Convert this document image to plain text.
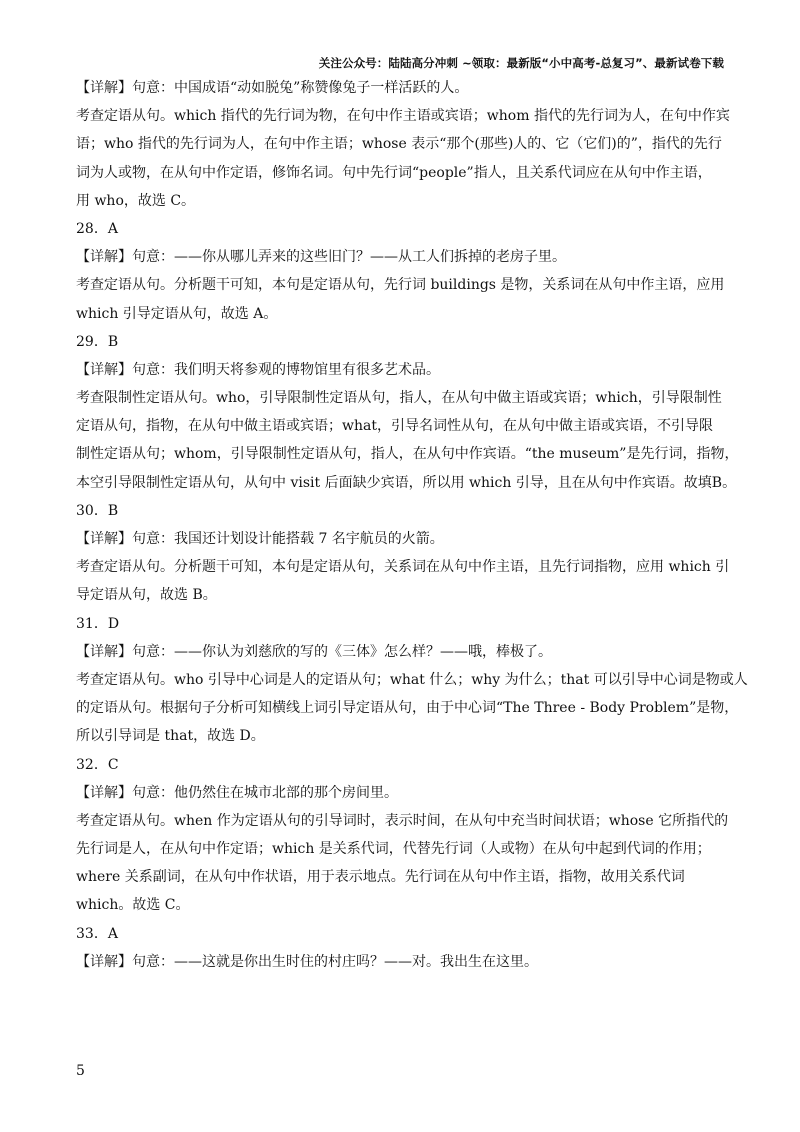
关注公众号：陆陆高分冲刺 ~领取：最新版“小中高考-总复习”、最新试卷下载
【详解】句意：中国成语“动如脱兔”称赞像兔子一样活跃的人。
考查定语从句。which 指代的先行词为物，在句中作主语或宾语；whom 指代的先行词为人，在句中作宾
语；who 指代的先行词为人，在句中作主语；whose 表示“那个(那些)人的、它（它们)的”，指代的先行
词为人或物，在从句中作定语，修饰名词。句中先行词“people”指人，且关系代词应在从句中作主语，
用 who，故选 C。
28．A
【详解】句意：——你从哪儿弄来的这些旧门？——从工人们拆掉的老房子里。
考查定语从句。分析题干可知，本句是定语从句，先行词 buildings 是物，关系词在从句中作主语，应用
which 引导定语从句，故选 A。
29．B
【详解】句意：我们明天将参观的博物馆里有很多艺术品。
考查限制性定语从句。who，引导限制性定语从句，指人，在从句中做主语或宾语；which，引导限制性
定语从句，指物，在从句中做主语或宾语；what，引导名词性从句，在从句中做主语或宾语，不引导限
制性定语从句；whom，引导限制性定语从句，指人，在从句中作宾语。“the museum”是先行词，指物，
本空引导限制性定语从句，从句中 visit 后面缺少宾语，所以用 which 引导，且在从句中作宾语。故填B。
30．B
【详解】句意：我国还计划设计能搭载 7 名宇航员的火箭。
考查定语从句。分析题干可知，本句是定语从句，关系词在从句中作主语，且先行词指物，应用 which 引
导定语从句，故选 B。
31．D
【详解】句意：——你认为刘慈欣的写的《三体》怎么样？——哦，棒极了。
考查定语从句。who 引导中心词是人的定语从句；what 什么；why 为什么；that 可以引导中心词是物或人
的定语从句。根据句子分析可知横线上词引导定语从句，由于中心词“The Three - Body Problem”是物，
所以引导词是 that，故选 D。
32．C
【详解】句意：他仍然住在城市北部的那个房间里。
考查定语从句。when 作为定语从句的引导词时，表示时间，在从句中充当时间状语；whose 它所指代的
先行词是人，在从句中作定语；which 是关系代词，代替先行词（人或物）在从句中起到代词的作用；
where 关系副词，在从句中作状语，用于表示地点。先行词在从句中作主语，指物，故用关系代词
which。故选 C。
33．A
【详解】句意：——这就是你出生时住的村庄吗？——对。我出生在这里。
5
